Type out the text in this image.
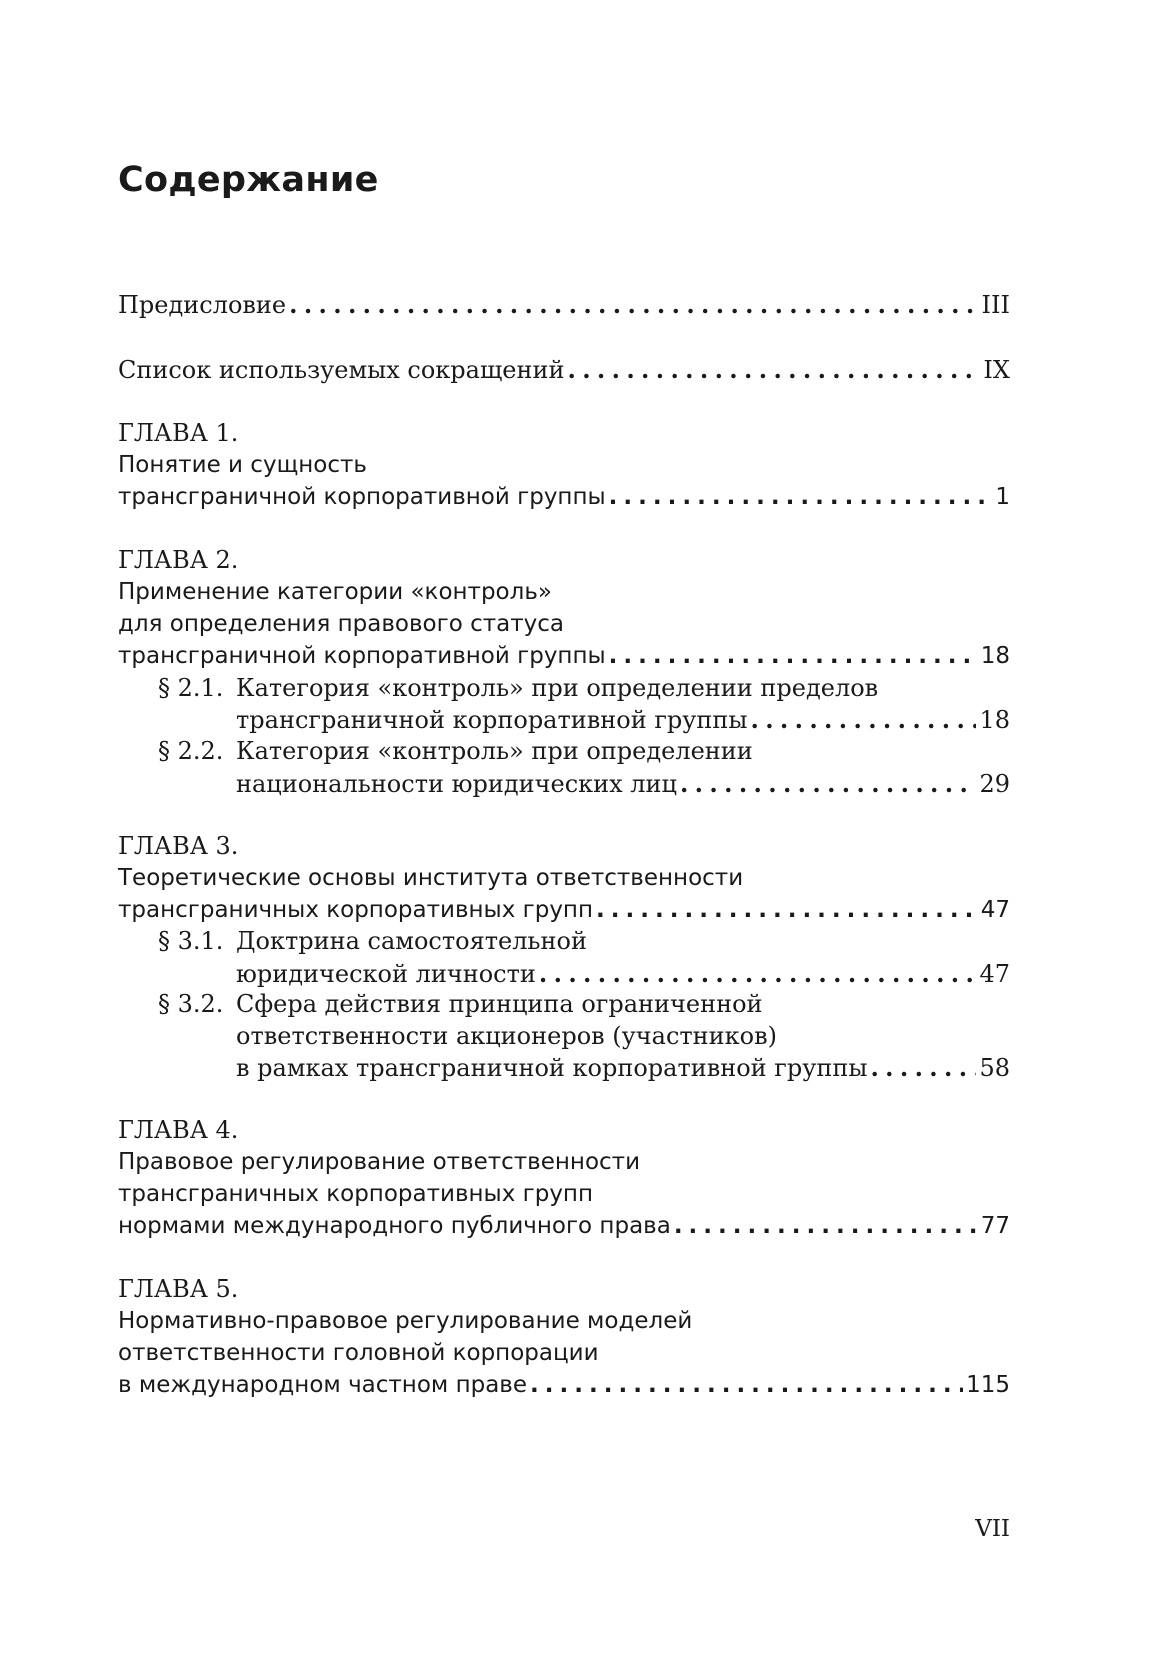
Содержание
Предисловие . . .	III
Список используемых сокращений . . .	IX
ГЛАВА 1.
Понятие и сущность
трансграничной корпоративной группы . . .	1
ГЛАВА 2.
Применение категории «контроль»
для определения правового статуса
трансграничной корпоративной группы . . .	18
§ 2.1. Категория «контроль» при определении пределов
трансграничной корпоративной группы . . .	18
§ 2.2. Категория «контроль» при определении
национальности юридических лиц . . .	29
ГЛАВА 3.
Теоретические основы института ответственности
трансграничных корпоративных групп . . .	47
§ 3.1. Доктрина самостоятельной
юридической личности . . .	47
§ 3.2. Сфера действия принципа ограниченной
ответственности акционеров (участников)
в рамках трансграничной корпоративной группы . . .	58
ГЛАВА 4.
Правовое регулирование ответственности
трансграничных корпоративных групп
нормами международного публичного права . . .	77
ГЛАВА 5.
Нормативно-правовое регулирование моделей
ответственности головной корпорации
в международном частном праве . . .	115
VII
